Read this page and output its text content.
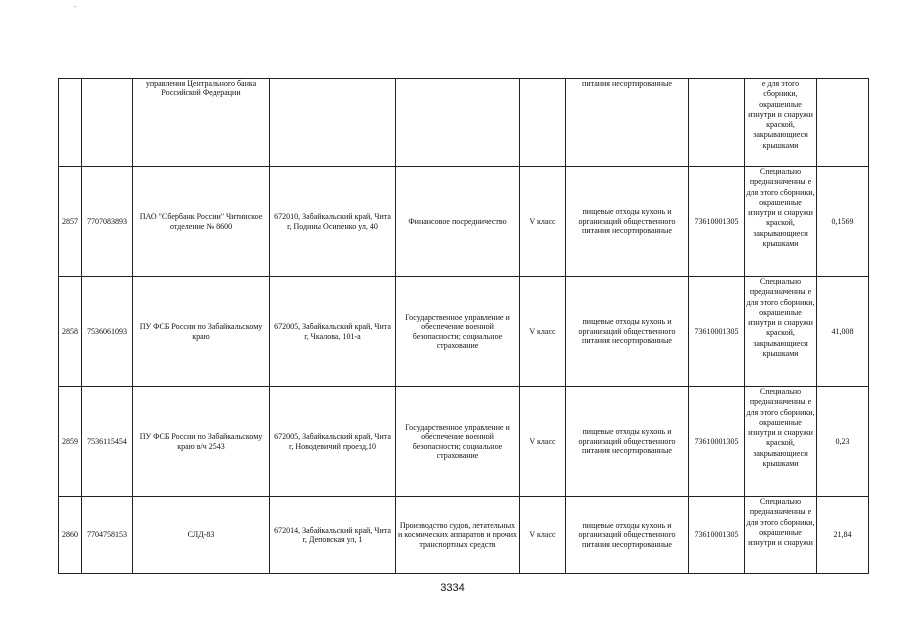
		управления Центрального банка Российской Федерации				питания несортированные		е для этого сборники, окрашенные изнутри и снаружи краской, закрывающиеся крышками	
2857	7707083893	ПАО "Сбербанк России" Читинское отделение № 8600	672010, Забайкальский край, Чита г, Подины Осипенко ул, 40	Финансовое посредничество	V класс	пищевые отходы кухонь и организаций общественного питания несортированные	73610001305	Специально предназначенны е для этого сборники, окрашенные изнутри и снаружи краской, закрывающиеся крышками	0,1569
2858	7536061093	ПУ ФСБ России по Забайкальскому краю	672005, Забайкальский край, Чита г, Чкалова, 101-а	Государственное управление и обеспечение военной безопасности; социальное страхование	V класс	пищевые отходы кухонь и организаций общественного питания несортированные	73610001305	Специально предназначенны е для этого сборники, окрашенные изнутри и снаружи краской, закрывающиеся крышками	41,008
2859	7536115454	ПУ ФСБ России по Забайкальскому краю в/ч 2543	672005, Забайкальский край, Чита г, Новодевичий проезд,10	Государственное управление и обеспечение военной безопасности; социальное страхование	V класс	пищевые отходы кухонь и организаций общественного питания несортированные	73610001305	Специально предназначенны е для этого сборники, окрашенные изнутри и снаружи краской, закрывающиеся крышками	0,23
2860	7704758153	СЛД-83	672014, Забайкальский край, Чита г, Деповская ул, 1	Производство судов, летательных и космических аппаратов и прочих транспортных средств	V класс	пищевые отходы кухонь и организаций общественного питания несортированные	73610001305	Специально предназначенны е для этого сборники, окрашенные изнутри и снаружи	21,84
3334
